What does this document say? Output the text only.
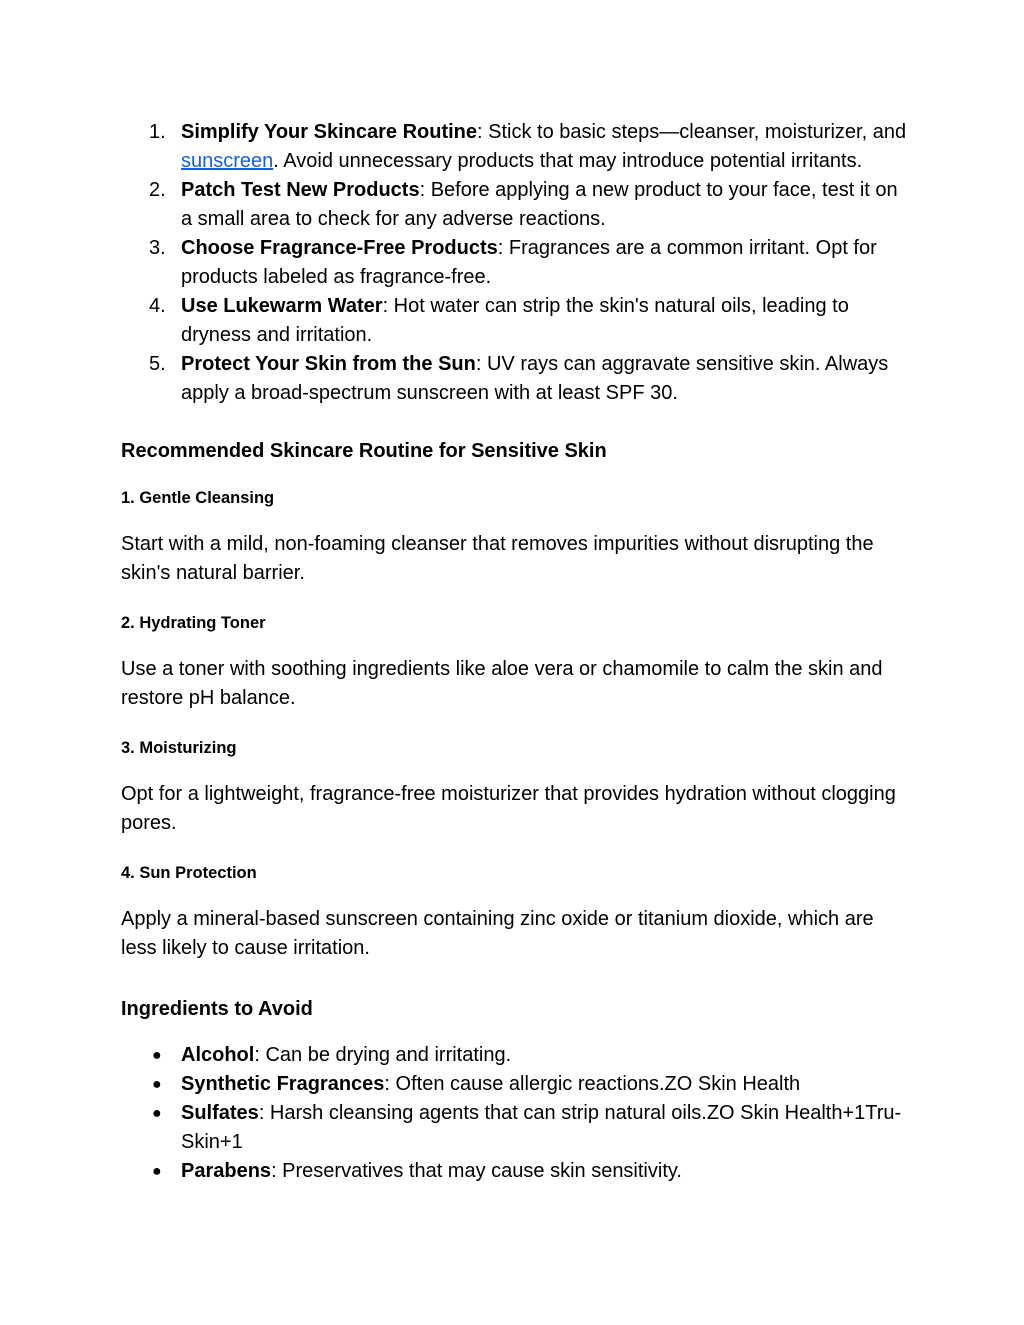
1. Simplify Your Skincare Routine: Stick to basic steps—cleanser, moisturizer, and sunscreen. Avoid unnecessary products that may introduce potential irritants.
2. Patch Test New Products: Before applying a new product to your face, test it on a small area to check for any adverse reactions.
3. Choose Fragrance-Free Products: Fragrances are a common irritant. Opt for products labeled as fragrance-free.
4. Use Lukewarm Water: Hot water can strip the skin's natural oils, leading to dryness and irritation.
5. Protect Your Skin from the Sun: UV rays can aggravate sensitive skin. Always apply a broad-spectrum sunscreen with at least SPF 30.
Recommended Skincare Routine for Sensitive Skin
1. Gentle Cleansing

Start with a mild, non-foaming cleanser that removes impurities without disrupting the skin's natural barrier.

2. Hydrating Toner

Use a toner with soothing ingredients like aloe vera or chamomile to calm the skin and restore pH balance.

3. Moisturizing

Opt for a lightweight, fragrance-free moisturizer that provides hydration without clogging pores.

4. Sun Protection

Apply a mineral-based sunscreen containing zinc oxide or titanium dioxide, which are less likely to cause irritation.

Ingredients to Avoid
● Alcohol: Can be drying and irritating.
● Synthetic Fragrances: Often cause allergic reactions.ZO Skin Health
● Sulfates: Harsh cleansing agents that can strip natural oils.ZO Skin Health+1Tru-Skin+1
● Parabens: Preservatives that may cause skin sensitivity.
